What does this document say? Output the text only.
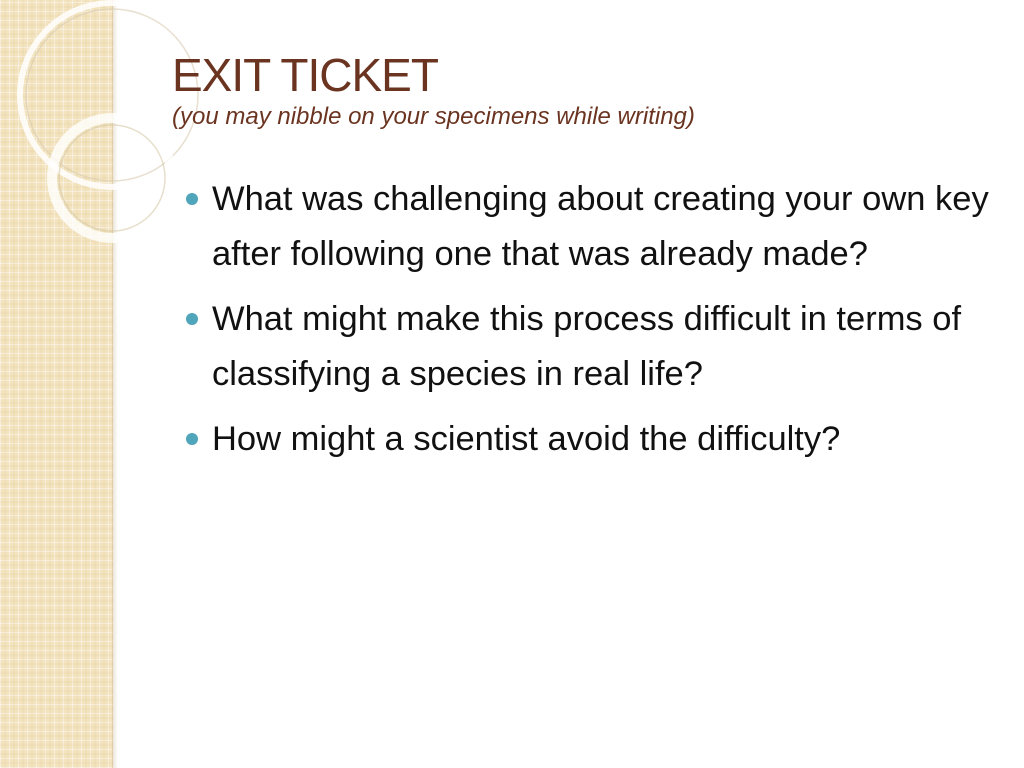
EXIT TICKET

(you may nibble on your specimens while writing)

What was challenging about creating your own key after following one that was already made?
What might make this process difficult in terms of classifying a species in real life?
How might a scientist avoid the difficulty?
